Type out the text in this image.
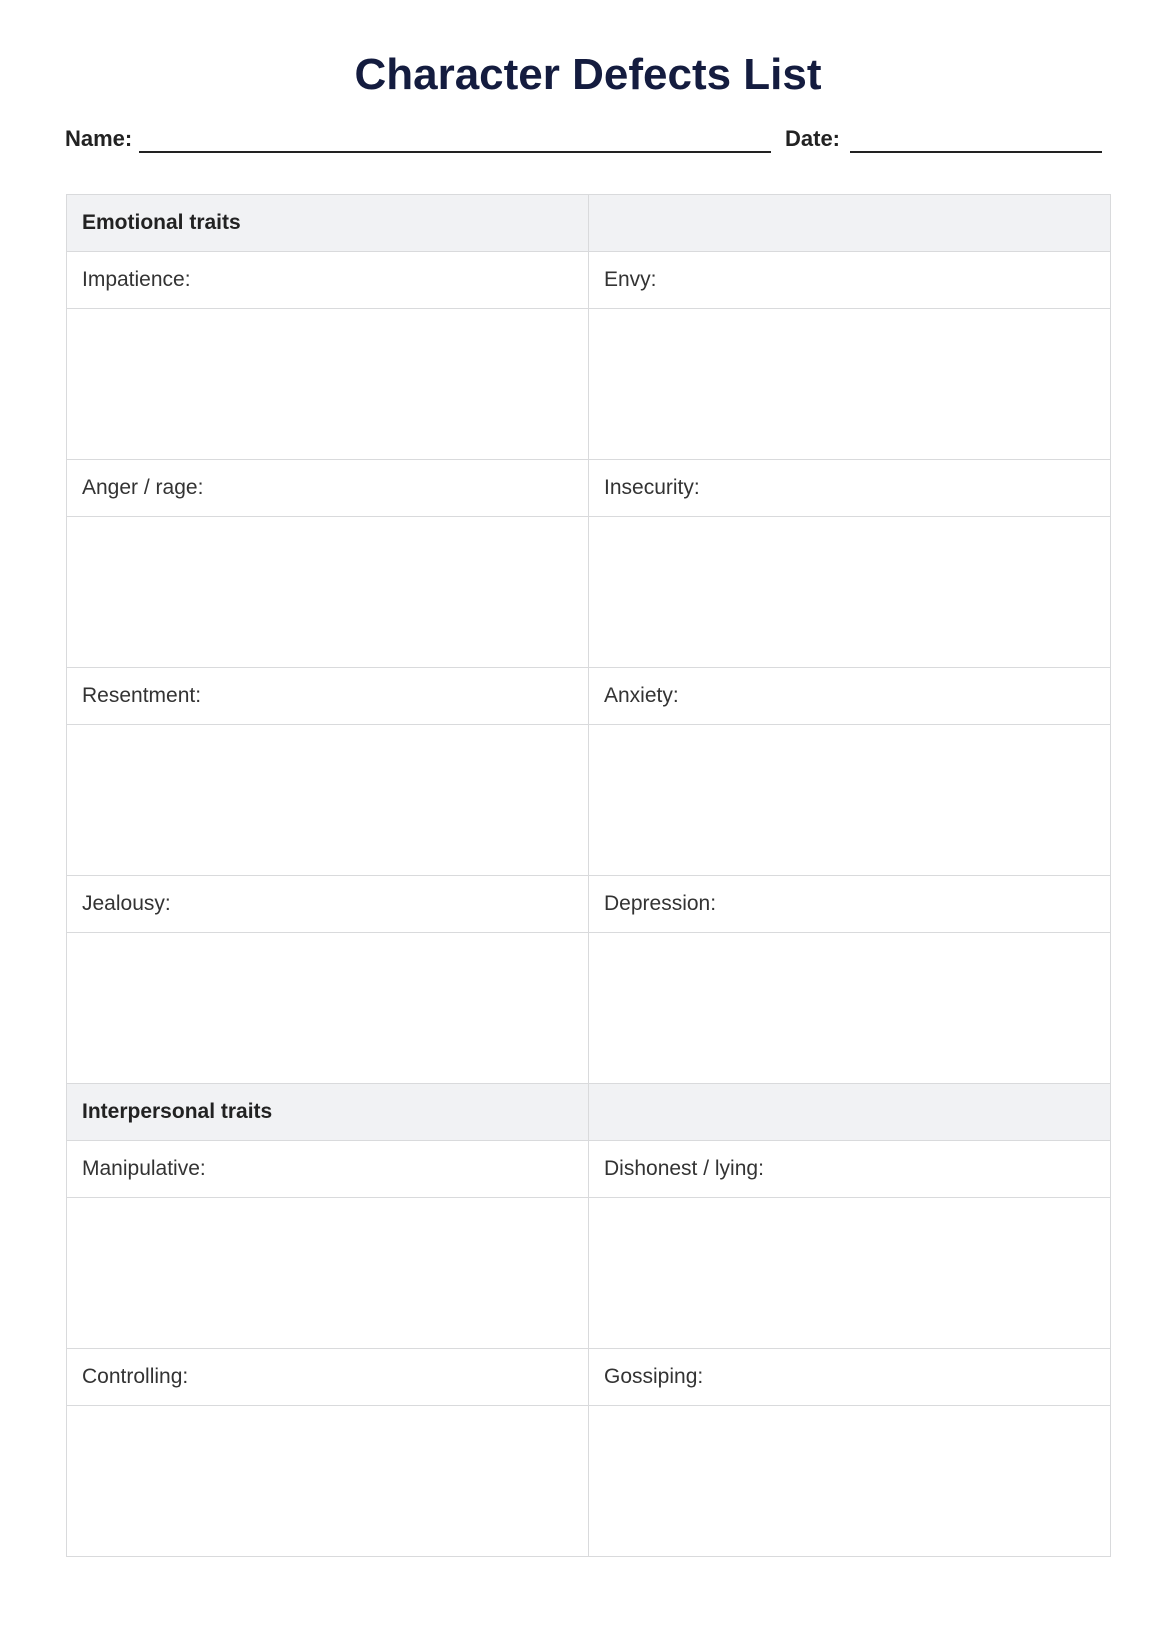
Character Defects List
Name:	Date:
Emotional traits	
Impatience:	Envy:

Anger / rage:	Insecurity:

Resentment:	Anxiety:

Jealousy:	Depression:

Interpersonal traits	
Manipulative:	Dishonest / lying:

Controlling:	Gossiping:
